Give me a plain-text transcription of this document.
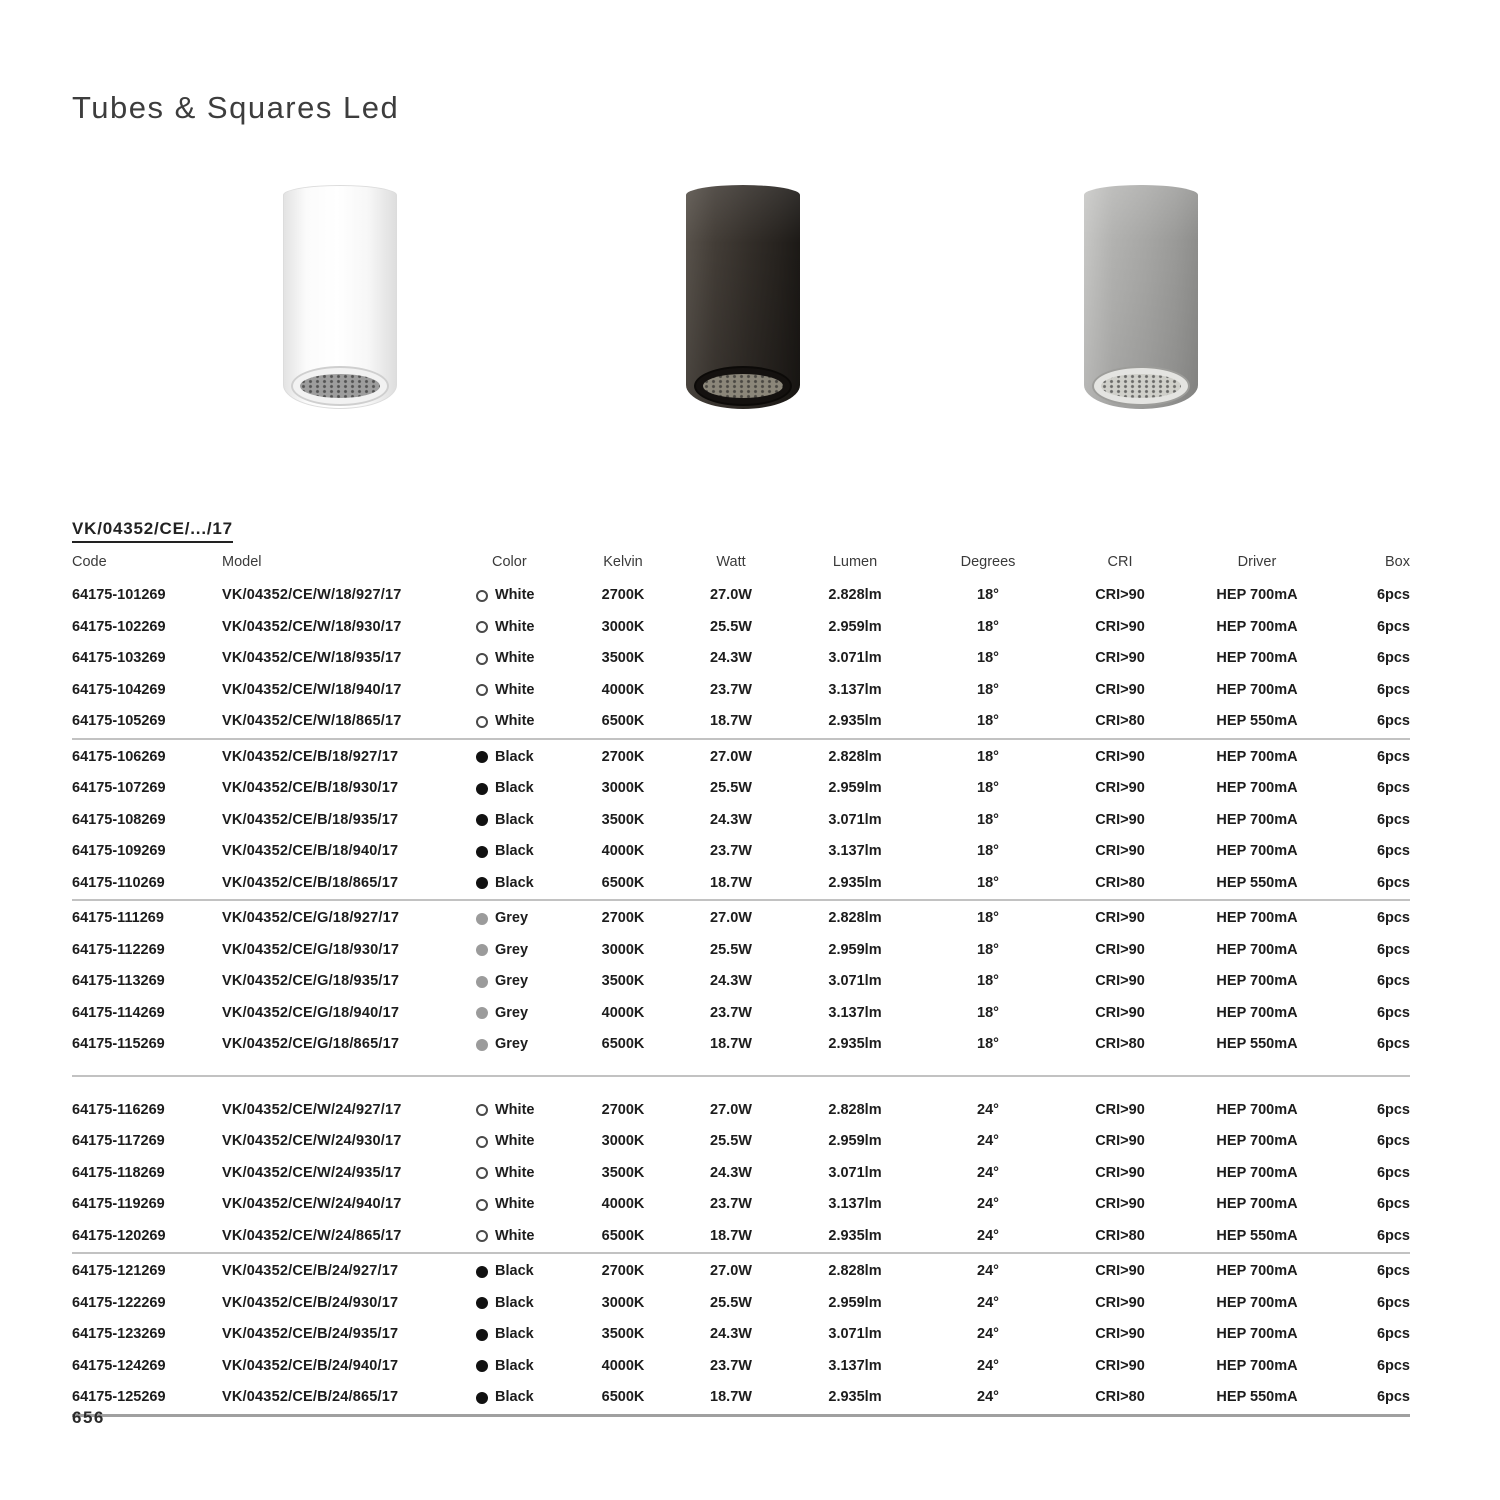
Tubes & Squares Led
VK/04352/CE/.../17
Code	Model	Color	Kelvin	Watt	Lumen	Degrees	CRI	Driver	Box
64175-101269	VK/04352/CE/W/18/927/17	White	2700K	27.0W	2.828lm	18°	CRI>90	HEP 700mA	6pcs
64175-102269	VK/04352/CE/W/18/930/17	White	3000K	25.5W	2.959lm	18°	CRI>90	HEP 700mA	6pcs
64175-103269	VK/04352/CE/W/18/935/17	White	3500K	24.3W	3.071lm	18°	CRI>90	HEP 700mA	6pcs
64175-104269	VK/04352/CE/W/18/940/17	White	4000K	23.7W	3.137lm	18°	CRI>90	HEP 700mA	6pcs
64175-105269	VK/04352/CE/W/18/865/17	White	6500K	18.7W	2.935lm	18°	CRI>80	HEP 550mA	6pcs
64175-106269	VK/04352/CE/B/18/927/17	Black	2700K	27.0W	2.828lm	18°	CRI>90	HEP 700mA	6pcs
64175-107269	VK/04352/CE/B/18/930/17	Black	3000K	25.5W	2.959lm	18°	CRI>90	HEP 700mA	6pcs
64175-108269	VK/04352/CE/B/18/935/17	Black	3500K	24.3W	3.071lm	18°	CRI>90	HEP 700mA	6pcs
64175-109269	VK/04352/CE/B/18/940/17	Black	4000K	23.7W	3.137lm	18°	CRI>90	HEP 700mA	6pcs
64175-110269	VK/04352/CE/B/18/865/17	Black	6500K	18.7W	2.935lm	18°	CRI>80	HEP 550mA	6pcs
64175-111269	VK/04352/CE/G/18/927/17	Grey	2700K	27.0W	2.828lm	18°	CRI>90	HEP 700mA	6pcs
64175-112269	VK/04352/CE/G/18/930/17	Grey	3000K	25.5W	2.959lm	18°	CRI>90	HEP 700mA	6pcs
64175-113269	VK/04352/CE/G/18/935/17	Grey	3500K	24.3W	3.071lm	18°	CRI>90	HEP 700mA	6pcs
64175-114269	VK/04352/CE/G/18/940/17	Grey	4000K	23.7W	3.137lm	18°	CRI>90	HEP 700mA	6pcs
64175-115269	VK/04352/CE/G/18/865/17	Grey	6500K	18.7W	2.935lm	18°	CRI>80	HEP 550mA	6pcs
64175-116269	VK/04352/CE/W/24/927/17	White	2700K	27.0W	2.828lm	24°	CRI>90	HEP 700mA	6pcs
64175-117269	VK/04352/CE/W/24/930/17	White	3000K	25.5W	2.959lm	24°	CRI>90	HEP 700mA	6pcs
64175-118269	VK/04352/CE/W/24/935/17	White	3500K	24.3W	3.071lm	24°	CRI>90	HEP 700mA	6pcs
64175-119269	VK/04352/CE/W/24/940/17	White	4000K	23.7W	3.137lm	24°	CRI>90	HEP 700mA	6pcs
64175-120269	VK/04352/CE/W/24/865/17	White	6500K	18.7W	2.935lm	24°	CRI>80	HEP 550mA	6pcs
64175-121269	VK/04352/CE/B/24/927/17	Black	2700K	27.0W	2.828lm	24°	CRI>90	HEP 700mA	6pcs
64175-122269	VK/04352/CE/B/24/930/17	Black	3000K	25.5W	2.959lm	24°	CRI>90	HEP 700mA	6pcs
64175-123269	VK/04352/CE/B/24/935/17	Black	3500K	24.3W	3.071lm	24°	CRI>90	HEP 700mA	6pcs
64175-124269	VK/04352/CE/B/24/940/17	Black	4000K	23.7W	3.137lm	24°	CRI>90	HEP 700mA	6pcs
64175-125269	VK/04352/CE/B/24/865/17	Black	6500K	18.7W	2.935lm	24°	CRI>80	HEP 550mA	6pcs
656
